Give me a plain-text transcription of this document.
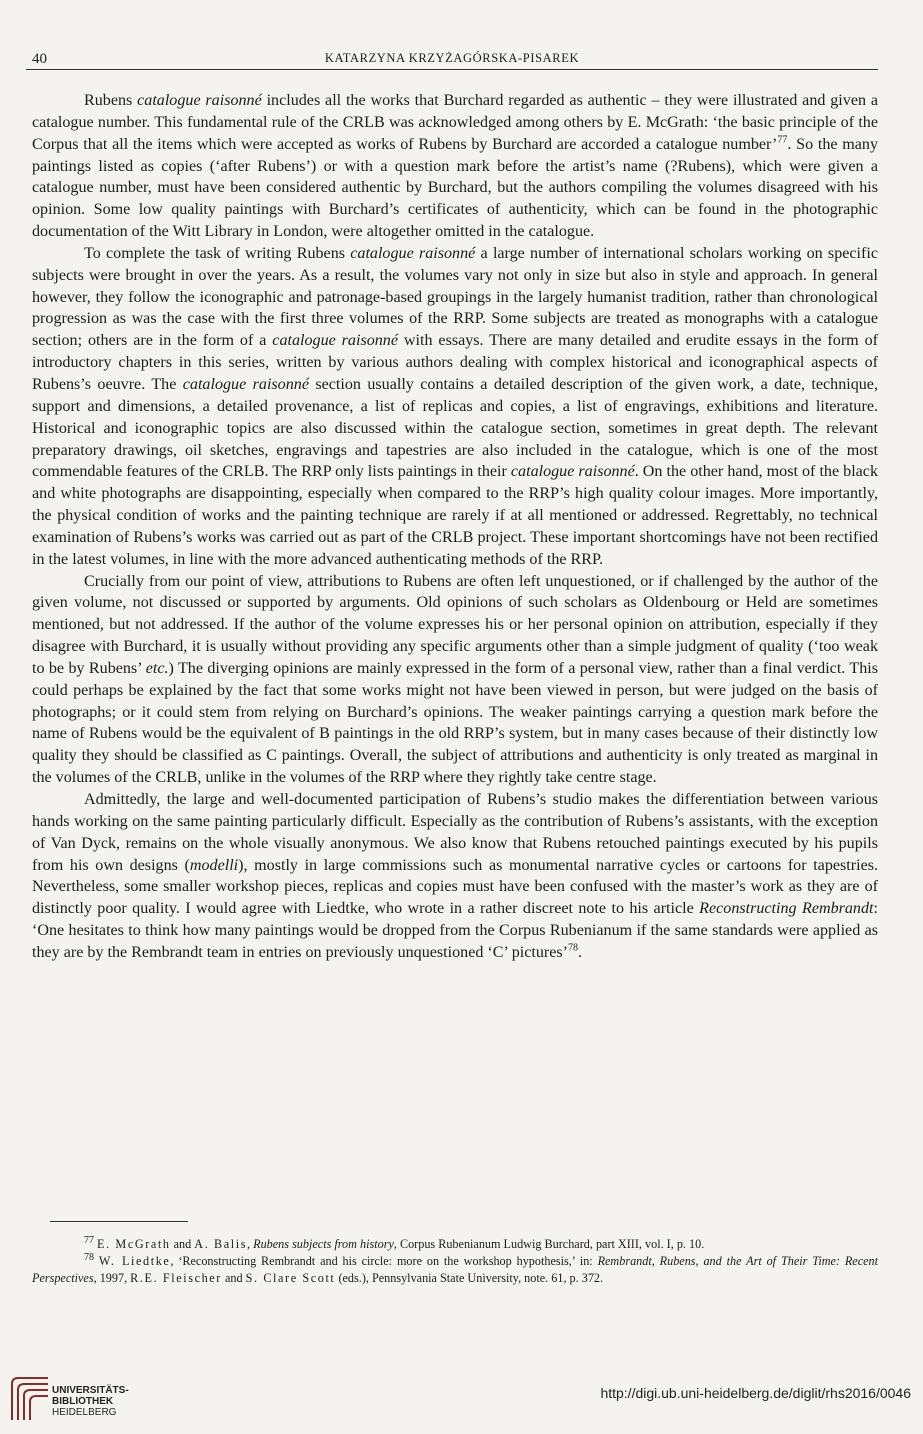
40	KATARZYNA KRZYŻAGÓRSKA-PISAREK

Rubens catalogue raisonné includes all the works that Burchard regarded as authentic – they were illustrated and given a catalogue number. This fundamental rule of the CRLB was acknowledged among others by E. McGrath: ‘the basic principle of the Corpus that all the items which were accepted as works of Rubens by Burchard are accorded a catalogue number’$^{77}$. So the many paintings listed as copies (‘after Rubens’) or with a question mark before the artist’s name (?Rubens), which were given a catalogue number, must have been considered authentic by Burchard, but the authors compiling the volumes disagreed with his opinion. Some low quality paintings with Burchard’s certificates of authenticity, which can be found in the photographic documentation of the Witt Library in London, were altogether omitted in the catalogue.

To complete the task of writing Rubens catalogue raisonné a large number of international scholars working on specific subjects were brought in over the years. As a result, the volumes vary not only in size but also in style and approach. In general however, they follow the iconographic and patronage-based groupings in the largely humanist tradition, rather than chronological progression as was the case with the first three volumes of the RRP. Some subjects are treated as monographs with a catalogue section; others are in the form of a catalogue raisonné with essays. There are many detailed and erudite essays in the form of introductory chapters in this series, written by various authors dealing with complex historical and iconographical aspects of Rubens’s oeuvre. The catalogue raisonné section usually contains a detailed description of the given work, a date, technique, support and dimensions, a detailed provenance, a list of replicas and copies, a list of engravings, exhibitions and literature. Historical and iconographic topics are also discussed within the catalogue section, sometimes in great depth. The relevant preparatory drawings, oil sketches, engravings and tapestries are also included in the catalogue, which is one of the most commendable features of the CRLB. The RRP only lists paintings in their catalogue raisonné. On the other hand, most of the black and white photographs are disappointing, especially when compared to the RRP’s high quality colour images. More importantly, the physical condition of works and the painting technique are rarely if at all mentioned or addressed. Regrettably, no technical examination of Rubens’s works was carried out as part of the CRLB project. These important shortcomings have not been rectified in the latest volumes, in line with the more advanced authenticating methods of the RRP.

Crucially from our point of view, attributions to Rubens are often left unquestioned, or if challenged by the author of the given volume, not discussed or supported by arguments. Old opinions of such scholars as Oldenbourg or Held are sometimes mentioned, but not addressed. If the author of the volume expresses his or her personal opinion on attribution, especially if they disagree with Burchard, it is usually without providing any specific arguments other than a simple judgment of quality (‘too weak to be by Rubens’ etc.) The diverging opinions are mainly expressed in the form of a personal view, rather than a final verdict. This could perhaps be explained by the fact that some works might not have been viewed in person, but were judged on the basis of photographs; or it could stem from relying on Burchard’s opinions. The weaker paintings carrying a question mark before the name of Rubens would be the equivalent of B paintings in the old RRP’s system, but in many cases because of their distinctly low quality they should be classified as C paintings. Overall, the subject of attributions and authenticity is only treated as marginal in the volumes of the CRLB, unlike in the volumes of the RRP where they rightly take centre stage.

Admittedly, the large and well-documented participation of Rubens’s studio makes the differentiation between various hands working on the same painting particularly difficult. Especially as the contribution of Rubens’s assistants, with the exception of Van Dyck, remains on the whole visually anonymous. We also know that Rubens retouched paintings executed by his pupils from his own designs (modelli), mostly in large commissions such as monumental narrative cycles or cartoons for tapestries. Nevertheless, some smaller workshop pieces, replicas and copies must have been confused with the master’s work as they are of distinctly poor quality. I would agree with Liedtke, who wrote in a rather discreet note to his article Reconstructing Rembrandt: ‘One hesitates to think how many paintings would be dropped from the Corpus Rubenianum if the same standards were applied as they are by the Rembrandt team in entries on previously unquestioned ‘C’ pictures’$^{78}$.

$^{77}$ E. McGrath and A. Balis, Rubens subjects from history, Corpus Rubenianum Ludwig Burchard, part XIII, vol. I, p. 10.

$^{78}$ W. Liedtke, ‘Reconstructing Rembrandt and his circle: more on the workshop hypothesis,’ in: Rembrandt, Rubens, and the Art of Their Time: Recent Perspectives, 1997, R.E. Fleischer and S. Clare Scott (eds.), Pennsylvania State University, note. 61, p. 372.

UNIVERSITÄTS-
BIBLIOTHEK
HEIDELBERG
http://digi.ub.uni-heidelberg.de/diglit/rhs2016/0046
